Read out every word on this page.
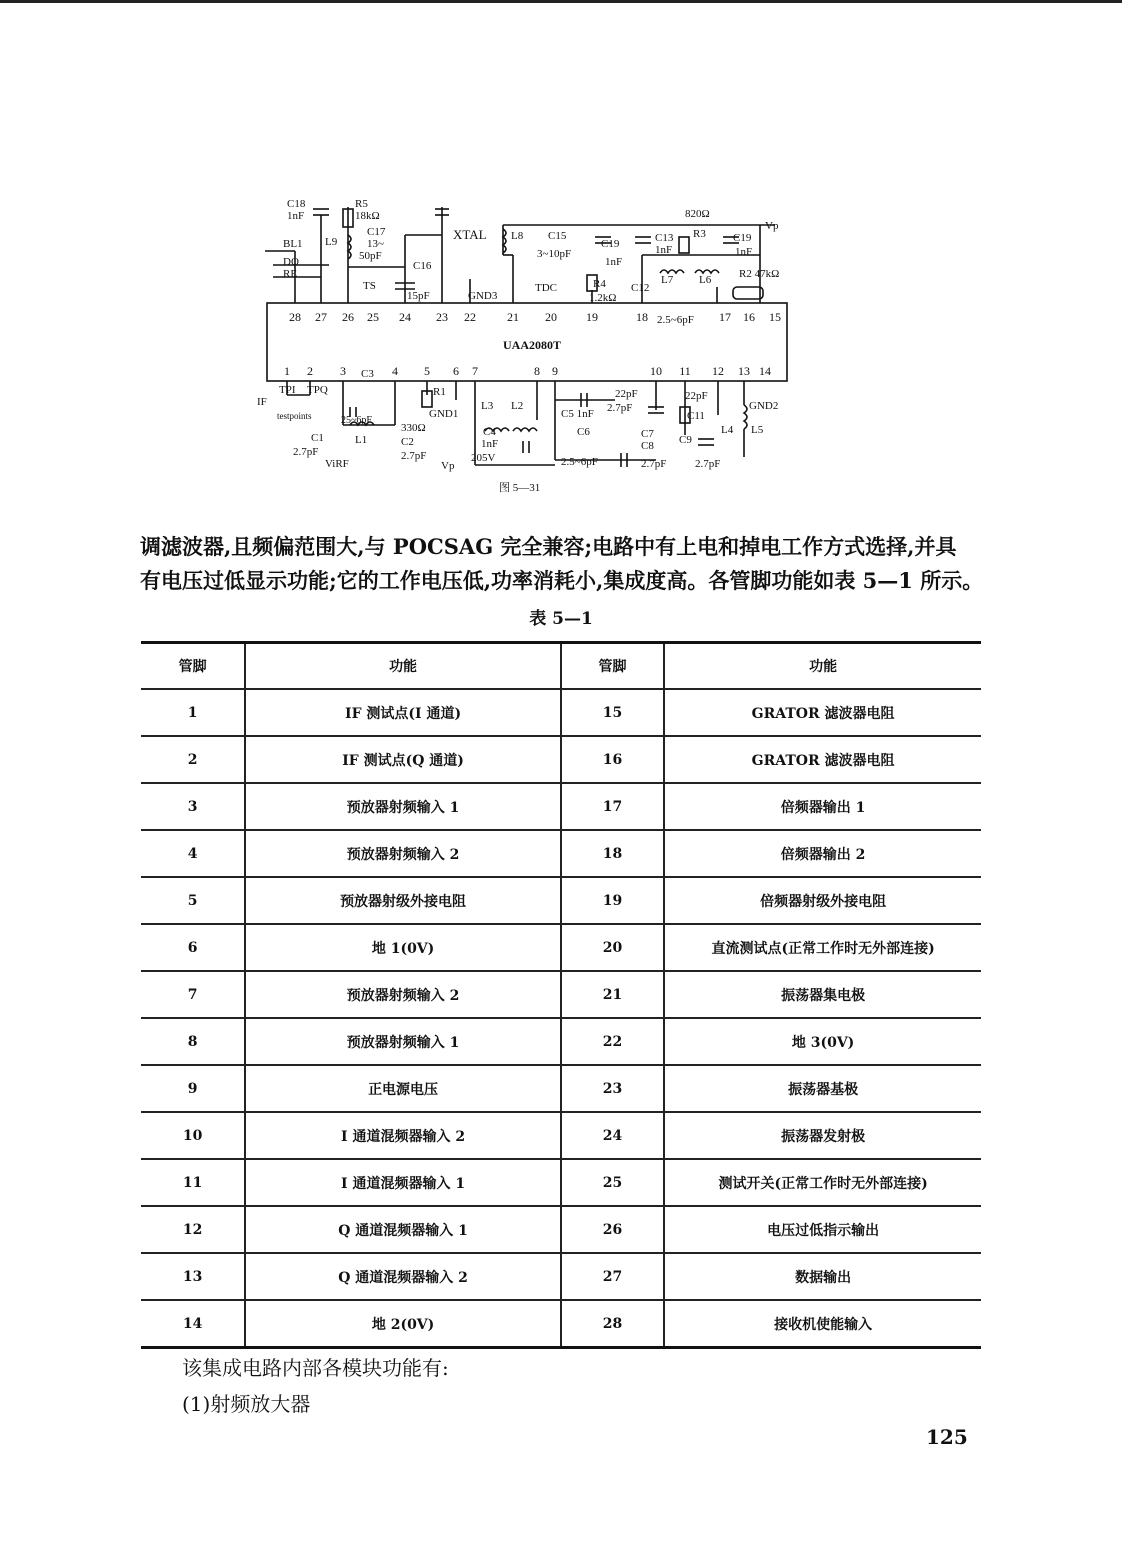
28 27 26 25 24 23 22	21 20 19	18	17 16 15
1 2 3	4 5 6 7	8 9	10 11 12 13 14
UAA2080T
C18
1nF
R5
18kΩ
L9
C17
13~
50pF
XTAL
BL1
DO
RE
TS
C16
15pF	GND3
L8 C15
3~10pF
TDC
C19
1nF
R4
1.2kΩ
C12
C13
1nF
820Ω
R3 C19
1nF
Vp
L7 L6	R2 47kΩ
2.5~6pF
IF
TPI TPQ
testpoints
C3
25~6pF
C1
2.7pF
L1
ViRF
R1
330Ω
GND1
C2
2.7pF
L3 L2
C4
1nF
Vp
205V
C5 1nF
C6
2.5~6pF
22pF
2.7pF
C7
C8
2.7pF
22pF
C11
C9
2.7pF
L4 L5
GND2
图 5—31

调滤波器,且频偏范围大,与 POCSAG 完全兼容;电路中有上电和掉电工作方式选择,并具

有电压过低显示功能;它的工作电压低,功率消耗小,集成度高。各管脚功能如表 5—1 所示。

表 5—1
管脚	功能	管脚	功能
1	IF 测试点(I 通道)	15	GRATOR 滤波器电阻
2	IF 测试点(Q 通道)	16	GRATOR 滤波器电阻
3	预放器射频输入 1	17	倍频器输出 1
4	预放器射频输入 2	18	倍频器输出 2
5	预放器射级外接电阻	19	倍频器射级外接电阻
6	地 1(0V)	20	直流测试点(正常工作时无外部连接)
7	预放器射频输入 2	21	振荡器集电极
8	预放器射频输入 1	22	地 3(0V)
9	正电源电压	23	振荡器基极
10	I 通道混频器输入 2	24	振荡器发射极
11	I 通道混频器输入 1	25	测试开关(正常工作时无外部连接)
12	Q 通道混频器输入 1	26	电压过低指示输出
13	Q 通道混频器输入 2	27	数据输出
14	地 2(0V)	28	接收机使能输入

该集成电路内部各模块功能有:

(1)射频放大器

125
